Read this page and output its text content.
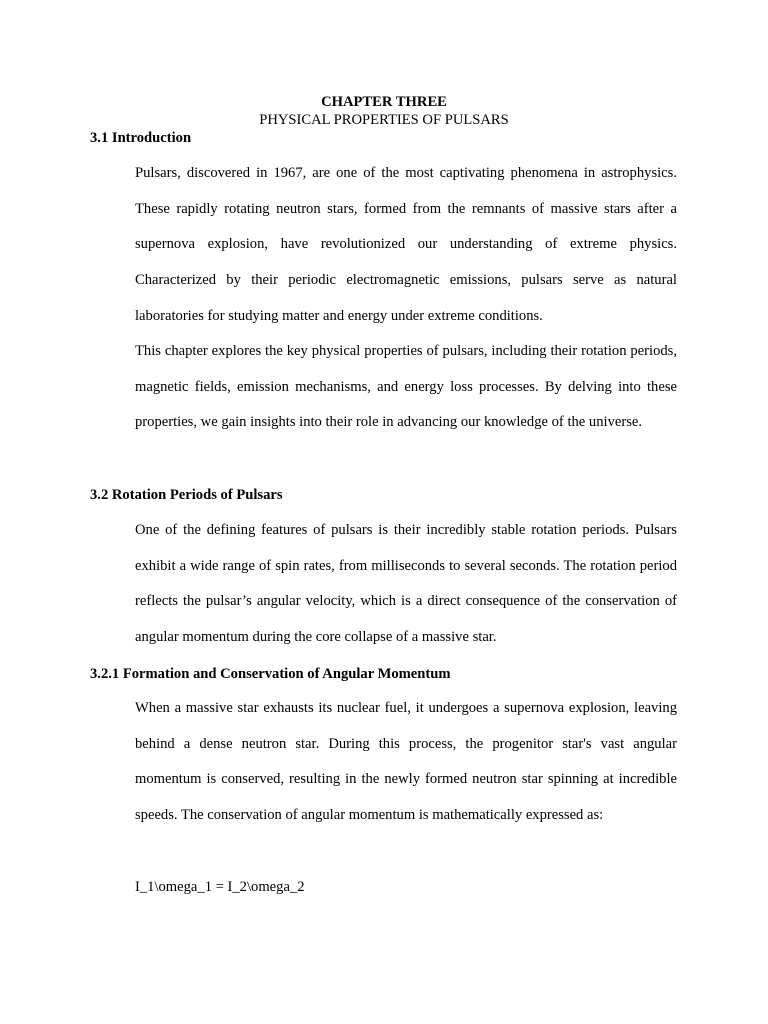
CHAPTER THREE

PHYSICAL PROPERTIES OF PULSARS

3.1 Introduction

Pulsars, discovered in 1967, are one of the most captivating phenomena in astrophysics. These rapidly rotating neutron stars, formed from the remnants of massive stars after a supernova explosion, have revolutionized our understanding of extreme physics. Characterized by their periodic electromagnetic emissions, pulsars serve as natural laboratories for studying matter and energy under extreme conditions.

This chapter explores the key physical properties of pulsars, including their rotation periods, magnetic fields, emission mechanisms, and energy loss processes. By delving into these properties, we gain insights into their role in advancing our knowledge of the universe.

3.2 Rotation Periods of Pulsars

One of the defining features of pulsars is their incredibly stable rotation periods. Pulsars exhibit a wide range of spin rates, from milliseconds to several seconds. The rotation period reflects the pulsar’s angular velocity, which is a direct consequence of the conservation of angular momentum during the core collapse of a massive star.

3.2.1 Formation and Conservation of Angular Momentum

When a massive star exhausts its nuclear fuel, it undergoes a supernova explosion, leaving behind a dense neutron star. During this process, the progenitor star's vast angular momentum is conserved, resulting in the newly formed neutron star spinning at incredible speeds. The conservation of angular momentum is mathematically expressed as:

I_1\omega_1 = I_2\omega_2
